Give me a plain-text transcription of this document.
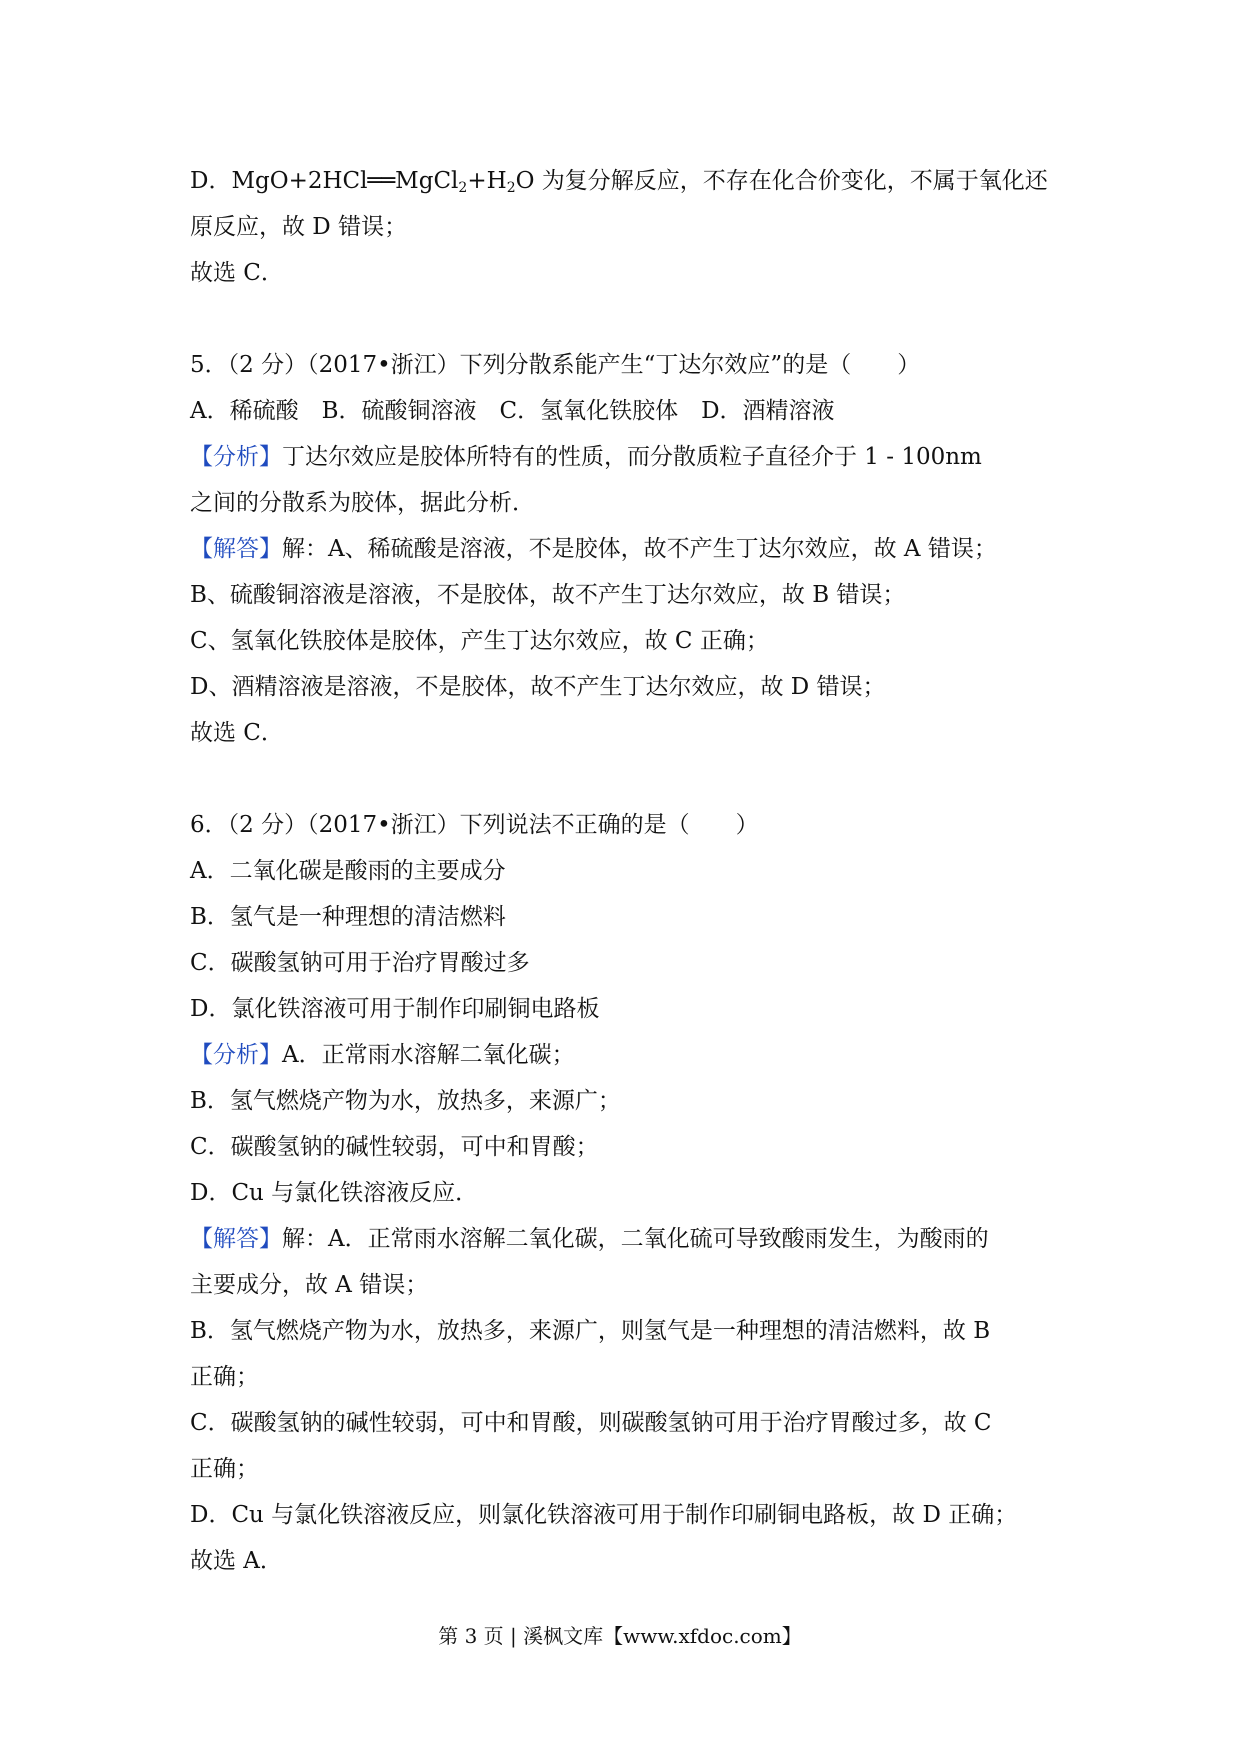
D．$MgO+2HCl══MgCl_2+H_2O$ 为复分解反应，不存在化合价变化，不属于氧化还

原反应，故 D 错误；

故选 C．

5．（2 分）（2017•浙江）下列分散系能产生“丁达尔效应”的是（　　）

A．稀硫酸　B．硫酸铜溶液　C．氢氧化铁胶体　D．酒精溶液

【分析】丁达尔效应是胶体所特有的性质，而分散质粒子直径介于 1 - 100nm

之间的分散系为胶体，据此分析．

【解答】解：A、稀硫酸是溶液，不是胶体，故不产生丁达尔效应，故 A 错误；

B、硫酸铜溶液是溶液，不是胶体，故不产生丁达尔效应，故 B 错误；

C、氢氧化铁胶体是胶体，产生丁达尔效应，故 C 正确；

D、酒精溶液是溶液，不是胶体，故不产生丁达尔效应，故 D 错误；

故选 C．

6．（2 分）（2017•浙江）下列说法不正确的是（　　）

A．二氧化碳是酸雨的主要成分

B．氢气是一种理想的清洁燃料

C．碳酸氢钠可用于治疗胃酸过多

D．氯化铁溶液可用于制作印刷铜电路板

【分析】A．正常雨水溶解二氧化碳；

B．氢气燃烧产物为水，放热多，来源广；

C．碳酸氢钠的碱性较弱，可中和胃酸；

D．Cu 与氯化铁溶液反应．

【解答】解：A．正常雨水溶解二氧化碳，二氧化硫可导致酸雨发生，为酸雨的

主要成分，故 A 错误；

B．氢气燃烧产物为水，放热多，来源广，则氢气是一种理想的清洁燃料，故 B

正确；

C．碳酸氢钠的碱性较弱，可中和胃酸，则碳酸氢钠可用于治疗胃酸过多，故 C

正确；

D．Cu 与氯化铁溶液反应，则氯化铁溶液可用于制作印刷铜电路板，故 D 正确；

故选 A．

第 3 页 | 溪枫文库【www.xfdoc.com】
